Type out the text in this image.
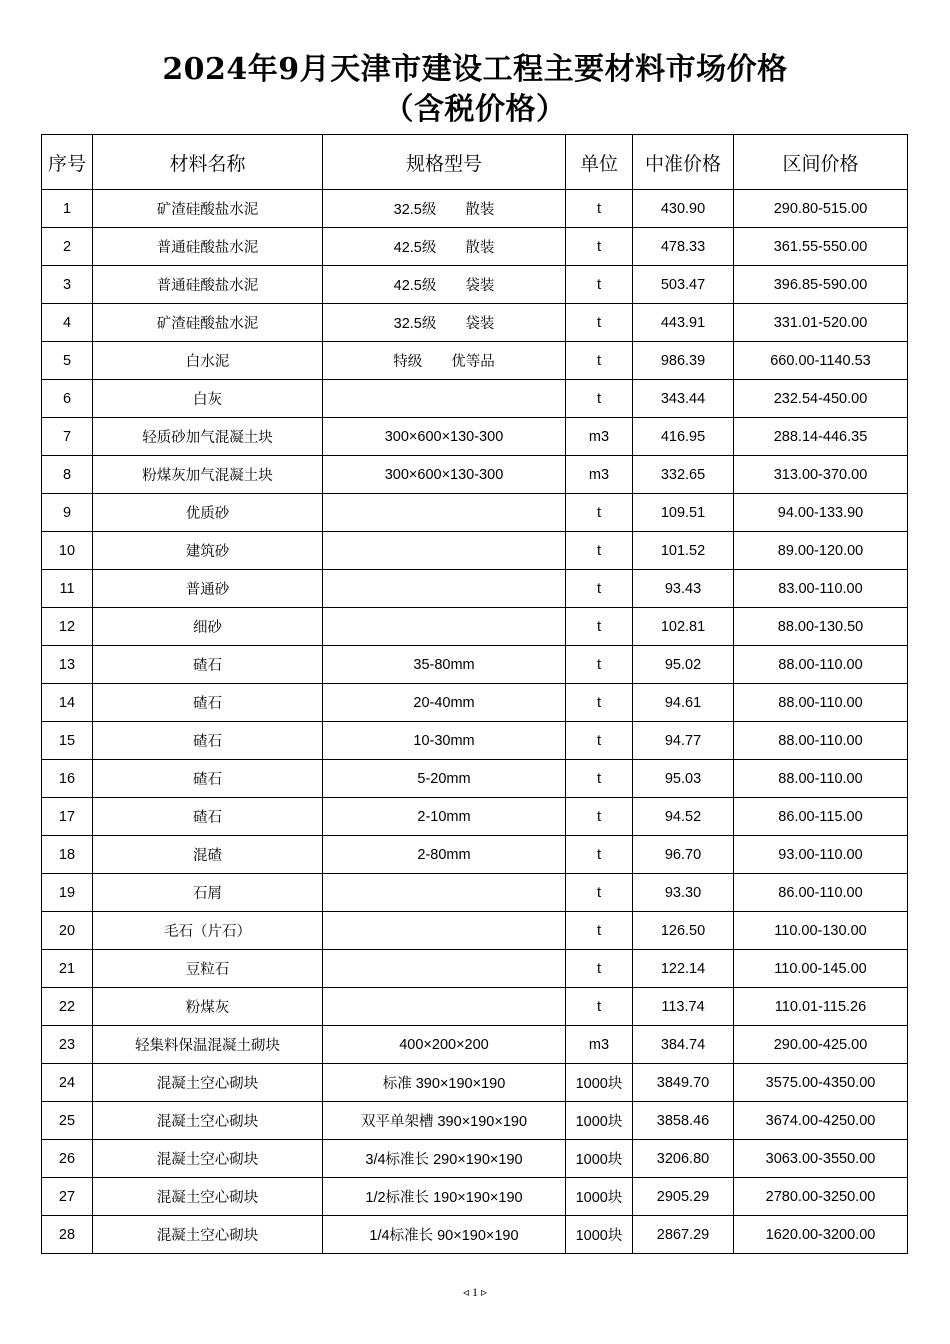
2024年9月天津市建设工程主要材料市场价格
（含税价格）
序号	材料名称	规格型号	单位	中准价格	区间价格
1	矿渣硅酸盐水泥	32.5级　　散装	t	430.90	290.80-515.00
2	普通硅酸盐水泥	42.5级　　散装	t	478.33	361.55-550.00
3	普通硅酸盐水泥	42.5级　　袋装	t	503.47	396.85-590.00
4	矿渣硅酸盐水泥	32.5级　　袋装	t	443.91	331.01-520.00
5	白水泥	特级　　优等品	t	986.39	660.00-1140.53
6	白灰		t	343.44	232.54-450.00
7	轻质砂加气混凝土块	300×600×130-300	m3	416.95	288.14-446.35
8	粉煤灰加气混凝土块	300×600×130-300	m3	332.65	313.00-370.00
9	优质砂		t	109.51	94.00-133.90
10	建筑砂		t	101.52	89.00-120.00
11	普通砂		t	93.43	83.00-110.00
12	细砂		t	102.81	88.00-130.50
13	碴石	35-80mm	t	95.02	88.00-110.00
14	碴石	20-40mm	t	94.61	88.00-110.00
15	碴石	10-30mm	t	94.77	88.00-110.00
16	碴石	5-20mm	t	95.03	88.00-110.00
17	碴石	2-10mm	t	94.52	86.00-115.00
18	混碴	2-80mm	t	96.70	93.00-110.00
19	石屑		t	93.30	86.00-110.00
20	毛石（片石）		t	126.50	110.00-130.00
21	豆粒石		t	122.14	110.00-145.00
22	粉煤灰		t	113.74	110.01-115.26
23	轻集料保温混凝土砌块	400×200×200	m3	384.74	290.00-425.00
24	混凝土空心砌块	标准 390×190×190	1000块	3849.70	3575.00-4350.00
25	混凝土空心砌块	双平单架槽 390×190×190	1000块	3858.46	3674.00-4250.00
26	混凝土空心砌块	3/4标准长 290×190×190	1000块	3206.80	3063.00-3550.00
27	混凝土空心砌块	1/2标准长 190×190×190	1000块	2905.29	2780.00-3250.00
28	混凝土空心砌块	1/4标准长 90×190×190	1000块	2867.29	1620.00-3200.00
◃ 1 ▹
